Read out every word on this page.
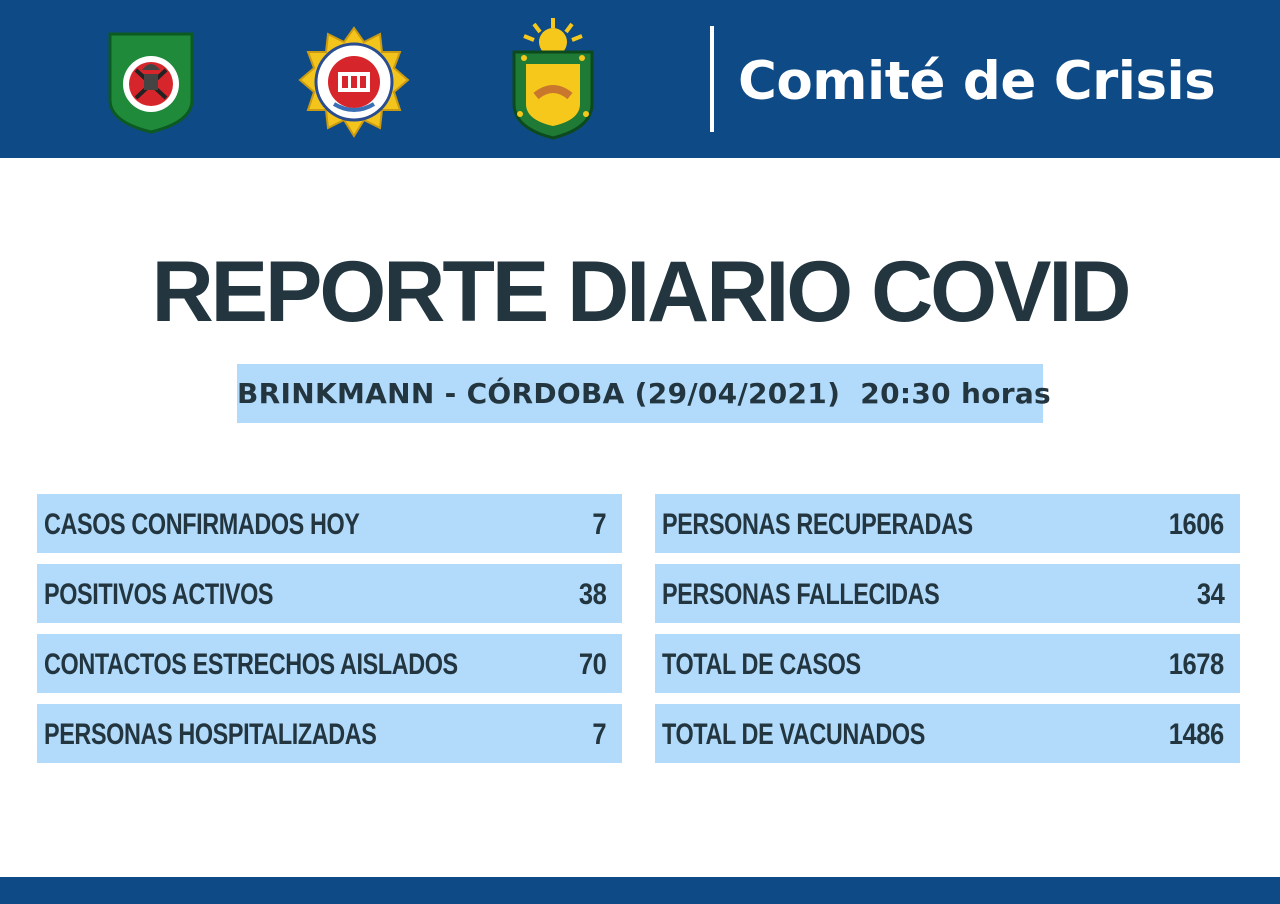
Comité de Crisis
REPORTE DIARIO COVID
BRINKMANN - CÓRDOBA (29/04/2021)  20:30 horas
CASOS CONFIRMADOS HOY	7
POSITIVOS ACTIVOS	38
CONTACTOS ESTRECHOS AISLADOS	70
PERSONAS HOSPITALIZADAS	7
PERSONAS RECUPERADAS	1606
PERSONAS FALLECIDAS	34
TOTAL DE CASOS	1678
TOTAL DE VACUNADOS	1486
